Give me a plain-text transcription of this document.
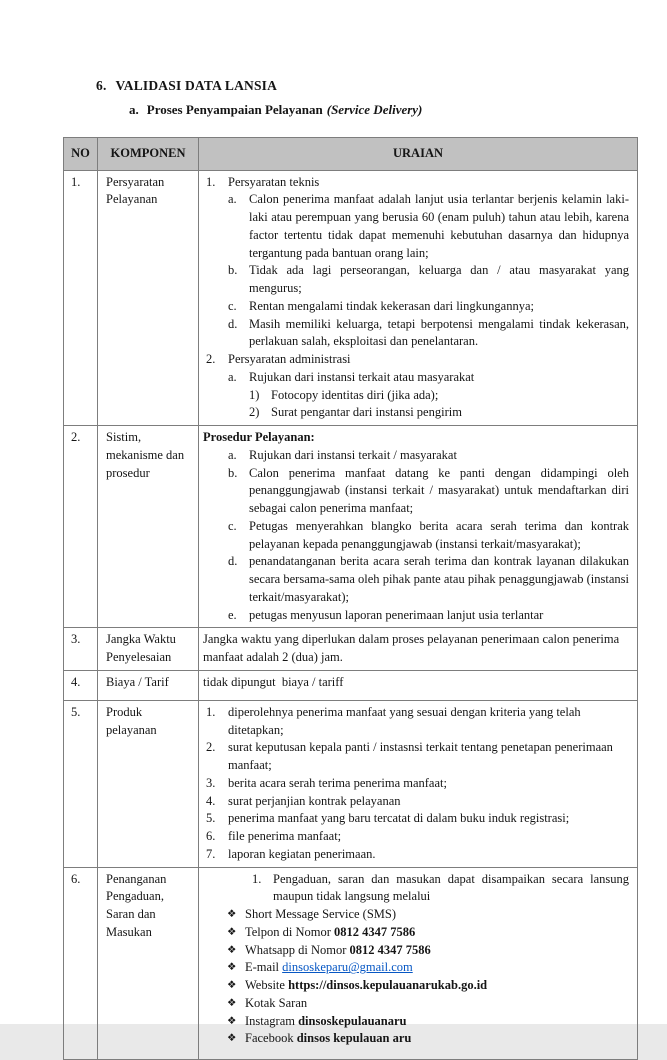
6. VALIDASI DATA LANSIA
a. Proses Penyampaian Pelayanan (Service Delivery)
NO	KOMPONEN	URAIAN
1.	Persyaratan Pelayanan	
1. Persyaratan teknis
a. Calon penerima manfaat adalah lanjut usia terlantar berjenis kelamin laki-laki atau perempuan yang berusia 60 (enam puluh) tahun atau lebih, karena factor tertentu tidak dapat memenuhi kebutuhan dasarnya dan hidupnya tergantung pada bantuan orang lain;
b. Tidak ada lagi perseorangan, keluarga dan / atau masyarakat yang mengurus;
c. Rentan mengalami tindak kekerasan dari lingkungannya;
d. Masih memiliki keluarga, tetapi berpotensi mengalami tindak kekerasan, perlakuan salah, eksploitasi dan penelantaran.
2. Persyaratan administrasi
a. Rujukan dari instansi terkait atau masyarakat
1) Fotocopy identitas diri (jika ada);
2) Surat pengantar dari instansi pengirim

2.	Sistim, mekanisme dan prosedur	
Prosedur Pelayanan:
a. Rujukan dari instansi terkait / masyarakat
b. Calon penerima manfaat datang ke panti dengan didampingi oleh penanggungjawab (instansi terkait / masyarakat) untuk mendaftarkan diri sebagai calon penerima manfaat;
c. Petugas menyerahkan blangko berita acara serah terima dan kontrak pelayanan kepada penanggungjawab (instansi terkait/masyarakat);
d. penandatanganan berita acara serah terima dan kontrak layanan dilakukan secara bersama-sama oleh pihak pante atau pihak penaggungjawab (instansi terkait/masyarakat);
e. petugas menyusun laporan penerimaan lanjut usia terlantar

3.	Jangka Waktu Penyelesaian	Jangka waktu yang diperlukan dalam proses pelayanan penerimaan calon penerima manfaat adalah 2 (dua) jam.

4.	Biaya / Tarif	tidak dipungut  biaya / tariff

5.	Produk pelayanan	
1. diperolehnya penerima manfaat yang sesuai dengan kriteria yang telah ditetapkan;
2. surat keputusan kepala panti / instasnsi terkait tentang penetapan penerimaan manfaat;
3. berita acara serah terima penerima manfaat;
4. surat perjanjian kontrak pelayanan
5. penerima manfaat yang baru tercatat di dalam buku induk registrasi;
6. file penerima manfaat;
7. laporan kegiatan penerimaan.

6.	Penanganan Pengaduan, Saran dan Masukan	
1. Pengaduan, saran dan masukan dapat disampaikan secara lansung maupun tidak langsung melalui
❖ Short Message Service (SMS)
❖ Telpon di Nomor 0812 4347 7586
❖ Whatsapp di Nomor 0812 4347 7586
❖ E-mail dinsoskeparu@gmail.com
❖ Website https://dinsos.kepulauanarukab.go.id
❖ Kotak Saran
❖ Instagram dinsoskepulauanaru
❖ Facebook dinsos kepulauan aru
